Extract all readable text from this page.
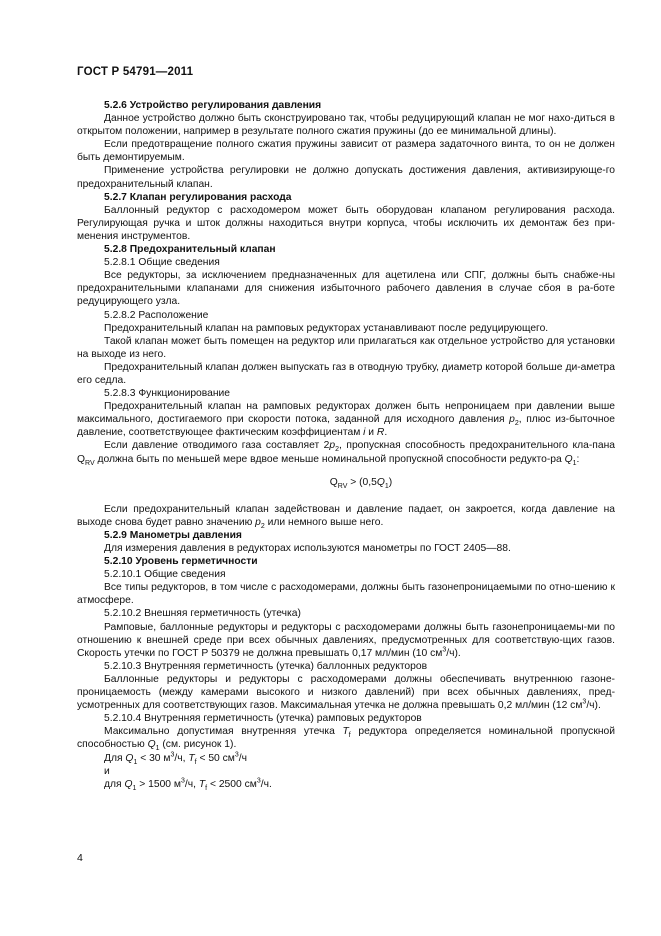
ГОСТ Р 54791—2011

5.2.6 Устройство регулирования давления

Данное устройство должно быть сконструировано так, чтобы редуцирующий клапан не мог нахо-диться в открытом положении, например в результате полного сжатия пружины (до ее минимальной длины).

Если предотвращение полного сжатия пружины зависит от размера задаточного винта, то он не должен быть демонтируемым.

Применение устройства регулировки не должно допускать достижения давления, активизирующе-го предохранительный клапан.

5.2.7 Клапан регулирования расхода

Баллонный редуктор с расходомером может быть оборудован клапаном регулирования расхода. Регулирующая ручка и шток должны находиться внутри корпуса, чтобы исключить их демонтаж без при-менения инструментов.

5.2.8 Предохранительный клапан

5.2.8.1 Общие сведения

Все редукторы, за исключением предназначенных для ацетилена или СПГ, должны быть снабже-ны предохранительными клапанами для снижения избыточного рабочего давления в случае сбоя в ра-боте редуцирующего узла.

5.2.8.2 Расположение

Предохранительный клапан на рамповых редукторах устанавливают после редуцирующего.

Такой клапан может быть помещен на редуктор или прилагаться как отдельное устройство для установки на выходе из него.

Предохранительный клапан должен выпускать газ в отводную трубку, диаметр которой больше ди-аметра его седла.

5.2.8.3 Функционирование

Предохранительный клапан на рамповых редукторах должен быть непроницаем при давлении выше максимального, достигаемого при скорости потока, заданной для исходного давления $p_2$, плюс из-быточное давление, соответствующее фактическим коэффициентам i и R.

Если давление отводимого газа составляет $2p_2$, пропускная способность предохранительного кла-пана $Q_{RV}$ должна быть по меньшей мере вдвое меньше номинальной пропускной способности редукто-ра $Q_1$:

$Q_{RV} > (0,5Q_1)$

Если предохранительный клапан задействован и давление падает, он закроется, когда давление на выходе снова будет равно значению $p_2$ или немного выше него.

5.2.9 Манометры давления

Для измерения давления в редукторах используются манометры по ГОСТ 2405—88.

5.2.10 Уровень герметичности

5.2.10.1 Общие сведения

Все типы редукторов, в том числе с расходомерами, должны быть газонепроницаемыми по отно-шению к атмосфере.

5.2.10.2 Внешняя герметичность (утечка)

Рамповые, баллонные редукторы и редукторы с расходомерами должны быть газонепроницаемы-ми по отношению к внешней среде при всех обычных давлениях, предусмотренных для соответствую-щих газов. Скорость утечки по ГОСТ Р 50379 не должна превышать 0,17 мл/мин (10 $см^3/ч$).

5.2.10.3 Внутренняя герметичность (утечка) баллонных редукторов

Баллонные редукторы и редукторы с расходомерами должны обеспечивать внутреннюю газоне-проницаемость (между камерами высокого и низкого давлений) при всех обычных давлениях, пред-усмотренных для соответствующих газов. Максимальная утечка не должна превышать 0,2 мл/мин (12 $см^3/ч$).

5.2.10.4 Внутренняя герметичность (утечка) рамповых редукторов

Максимально допустимая внутренняя утечка $T_f$ редуктора определяется номинальной пропускной способностью $Q_1$ (см. рисунок 1).

Для $Q_1 < 30$ $м^3/ч$, $T_f < 50$ $см^3/ч$

и

для $Q_1 > 1500$ $м^3/ч$, $T_f < 2500$ $см^3/ч$.

4
